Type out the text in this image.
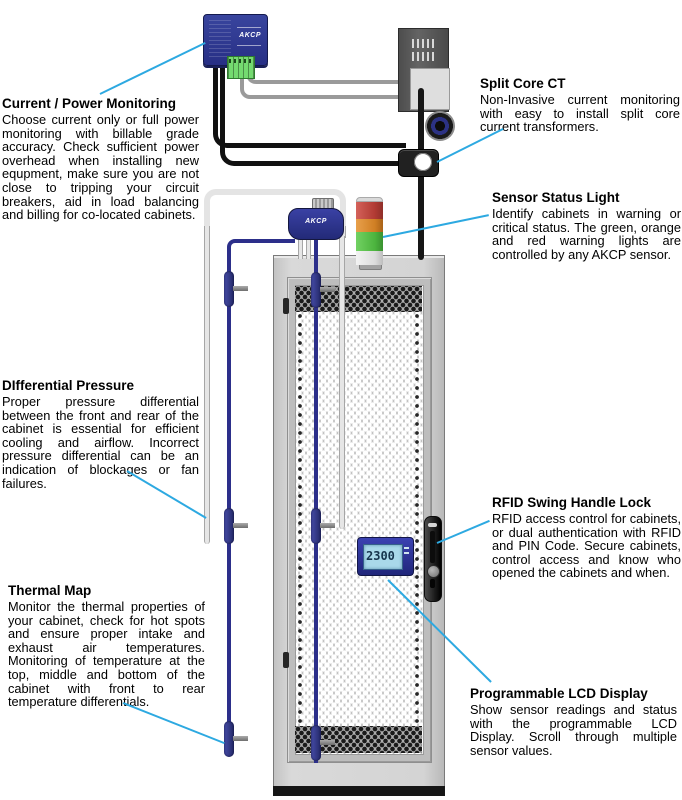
AKCP
2300
AKCP
Current / Power Monitoring

Choose current only or full power monitoring with billable grade accuracy. Check sufficient power overhead when installing new equpment, make sure you are not close to tripping your circuit breakers, aid in load balancing and billing for co-located cabinets.

Split Core CT

Non-Invasive current monitoring with easy to install split core current transformers.

Sensor Status Light

Identify cabinets in warning or critical status. The green, orange and red warning lights are controlled by any AKCP sensor.

DIfferential Pressure

Proper pressure differential between the front and rear of the cabinet is essential for efficient cooling and airflow. Incorrect pressure differential can be an indication of blockages or fan failures.

RFID Swing Handle Lock

RFID access control for cabinets, or dual authentication with RFID and PIN Code. Secure cabinets, control access and know who opened the cabinets and when.

Thermal Map

Monitor the thermal properties of your cabinet, check for hot spots and ensure proper intake and exhaust air temperatures. Monitoring of temperature at the top, middle and bottom of the cabinet with front to rear temperature differentials.

Programmable LCD Display

Show sensor readings and status with the programmable LCD Display. Scroll through multiple sensor values.
